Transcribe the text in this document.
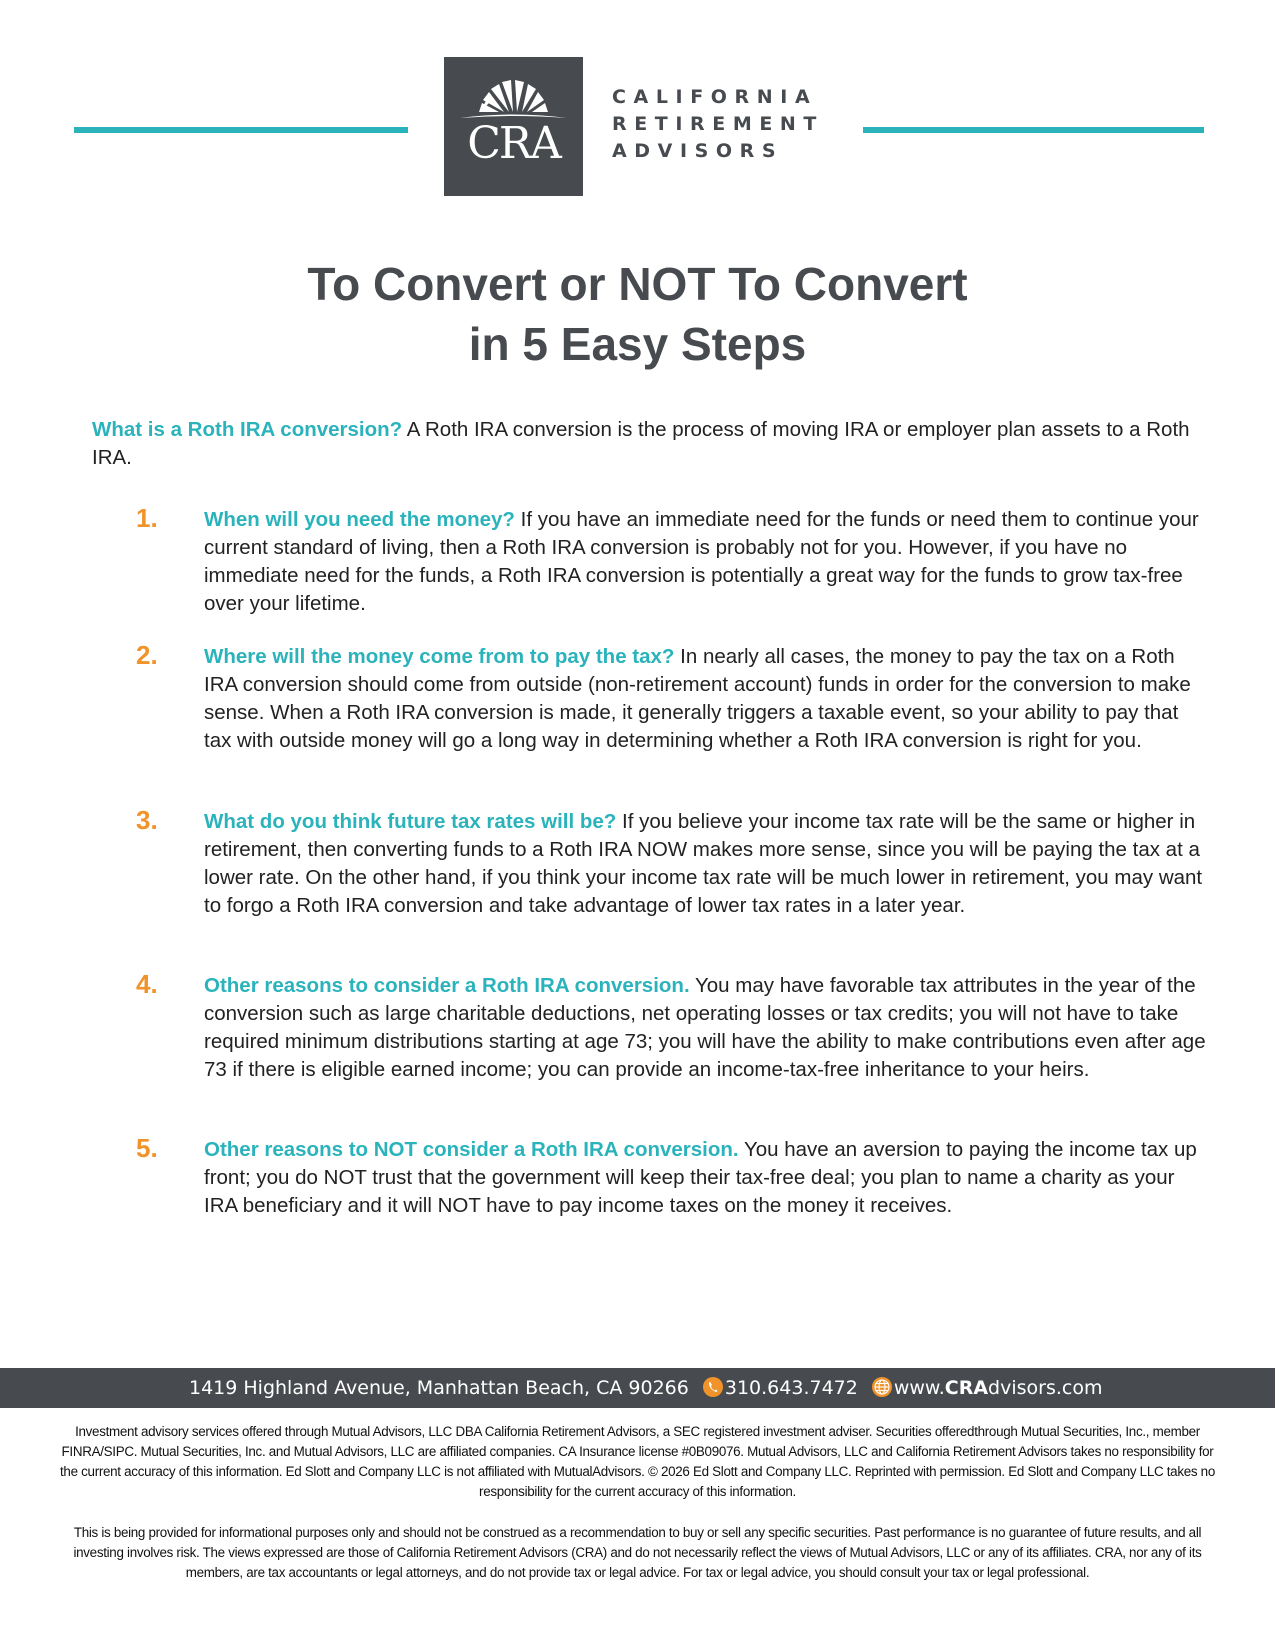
CRA
CALIFORNIA
RETIREMENT
ADVISORS
To Convert or NOT To Convert
in 5 Easy Steps
What is a Roth IRA conversion? A Roth IRA conversion is the process of moving IRA or employer plan assets to a Roth IRA.
1. When will you need the money? If you have an immediate need for the funds or need them to continue your current standard of living, then a Roth IRA conversion is probably not for you. However, if you have no immediate need for the funds, a Roth IRA conversion is potentially a great way for the funds to grow tax-free over your lifetime.
2. Where will the money come from to pay the tax? In nearly all cases, the money to pay the tax on a Roth IRA conversion should come from outside (non-retirement account) funds in order for the conversion to make sense. When a Roth IRA conversion is made, it generally triggers a taxable event, so your ability to pay that tax with outside money will go a long way in determining whether a Roth IRA conversion is right for you.
3. What do you think future tax rates will be? If you believe your income tax rate will be the same or higher in retirement, then converting funds to a Roth IRA NOW makes more sense, since you will be paying the tax at a lower rate. On the other hand, if you think your income tax rate will be much lower in retirement, you may want to forgo a Roth IRA conversion and take advantage of lower tax rates in a later year.
4. Other reasons to consider a Roth IRA conversion. You may have favorable tax attributes in the year of the conversion such as large charitable deductions, net operating losses or tax credits; you will not have to take required minimum distributions starting at age 73; you will have the ability to make contributions even after age 73 if there is eligible earned income; you can provide an income-tax-free inheritance to your heirs.
5. Other reasons to NOT consider a Roth IRA conversion. You have an aversion to paying the income tax up front; you do NOT trust that the government will keep their tax-free deal; you plan to name a charity as your IRA beneficiary and it will NOT have to pay income taxes on the money it receives.
1419 Highland Avenue, Manhattan Beach, CA 90266 310.643.7472 www.CRAdvisors.com
Investment advisory services offered through Mutual Advisors, LLC DBA California Retirement Advisors, a SEC registered investment adviser. Securities offeredthrough Mutual Securities, Inc., member FINRA/SIPC. Mutual Securities, Inc. and Mutual Advisors, LLC are affiliated companies. CA Insurance license #0B09076. Mutual Advisors, LLC and California Retirement Advisors takes no responsibility for the current accuracy of this information. Ed Slott and Company LLC is not affiliated with MutualAdvisors. © 2026 Ed Slott and Company LLC. Reprinted with permission. Ed Slott and Company LLC takes no responsibility for the current accuracy of this information.
This is being provided for informational purposes only and should not be construed as a recommendation to buy or sell any specific securities. Past performance is no guarantee of future results, and all investing involves risk. The views expressed are those of California Retirement Advisors (CRA) and do not necessarily reflect the views of Mutual Advisors, LLC or any of its affiliates. CRA, nor any of its members, are tax accountants or legal attorneys, and do not provide tax or legal advice. For tax or legal advice, you should consult your tax or legal professional.
